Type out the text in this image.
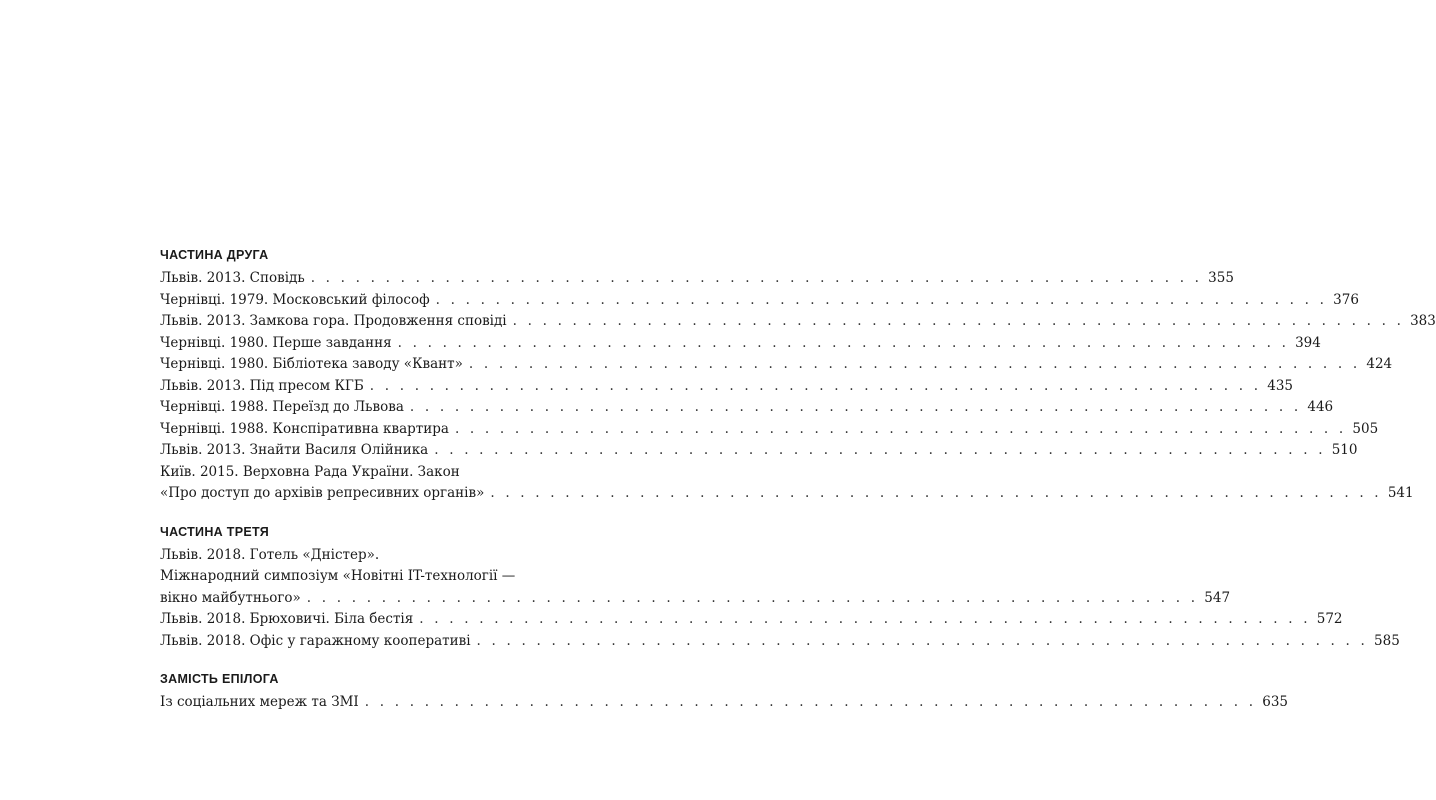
ЧАСТИНА ДРУГА
Львів. 2013. Сповідь . . . . . . . . . . . . . . . . . . . . . . . . . . . . . . . . . . . . . . . . . . . . . . . . . . . . . . . . . . . . 355
Чернівці. 1979. Московський філософ . . . . . . . . . . . . . . . . . . . . . . . . . . . . . . . . . . . . . . . . . . . . . . . . . . . . . . . . . . . . 376
Львів. 2013. Замкова гора. Продовження сповіді . . . . . . . . . . . . . . . . . . . . . . . . . . . . . . . . . . . . . . . . . . . . . . . . . . . . . . . . . . . . 383
Чернівці. 1980. Перше завдання . . . . . . . . . . . . . . . . . . . . . . . . . . . . . . . . . . . . . . . . . . . . . . . . . . . . . . . . . . . . 394
Чернівці. 1980. Бібліотека заводу «Квант» . . . . . . . . . . . . . . . . . . . . . . . . . . . . . . . . . . . . . . . . . . . . . . . . . . . . . . . . . . . . 424
Львів. 2013. Під пресом КГБ . . . . . . . . . . . . . . . . . . . . . . . . . . . . . . . . . . . . . . . . . . . . . . . . . . . . . . . . . . . . 435
Чернівці. 1988. Переїзд до Львова . . . . . . . . . . . . . . . . . . . . . . . . . . . . . . . . . . . . . . . . . . . . . . . . . . . . . . . . . . . . 446
Чернівці. 1988. Конспіративна квартира . . . . . . . . . . . . . . . . . . . . . . . . . . . . . . . . . . . . . . . . . . . . . . . . . . . . . . . . . . . . 505
Львів. 2013. Знайти Василя Олійника . . . . . . . . . . . . . . . . . . . . . . . . . . . . . . . . . . . . . . . . . . . . . . . . . . . . . . . . . . . . 510
Київ. 2015. Верховна Рада України. Закон
«Про доступ до архівів репресивних органів» . . . . . . . . . . . . . . . . . . . . . . . . . . . . . . . . . . . . . . . . . . . . . . . . . . . . . . . . . . . . 541
ЧАСТИНА ТРЕТЯ
Львів. 2018. Готель «Дністер».
Міжнародний симпозіум «Новітні IT-технології —
вікно майбутнього» . . . . . . . . . . . . . . . . . . . . . . . . . . . . . . . . . . . . . . . . . . . . . . . . . . . . . . . . . . . . 547
Львів. 2018. Брюховичі. Біла бестія . . . . . . . . . . . . . . . . . . . . . . . . . . . . . . . . . . . . . . . . . . . . . . . . . . . . . . . . . . . . 572
Львів. 2018. Офіс у гаражному кооперативі . . . . . . . . . . . . . . . . . . . . . . . . . . . . . . . . . . . . . . . . . . . . . . . . . . . . . . . . . . . . 585
ЗАМІСТЬ ЕПІЛОГА
Із соціальних мереж та ЗМІ . . . . . . . . . . . . . . . . . . . . . . . . . . . . . . . . . . . . . . . . . . . . . . . . . . . . . . . . . . . . 635
